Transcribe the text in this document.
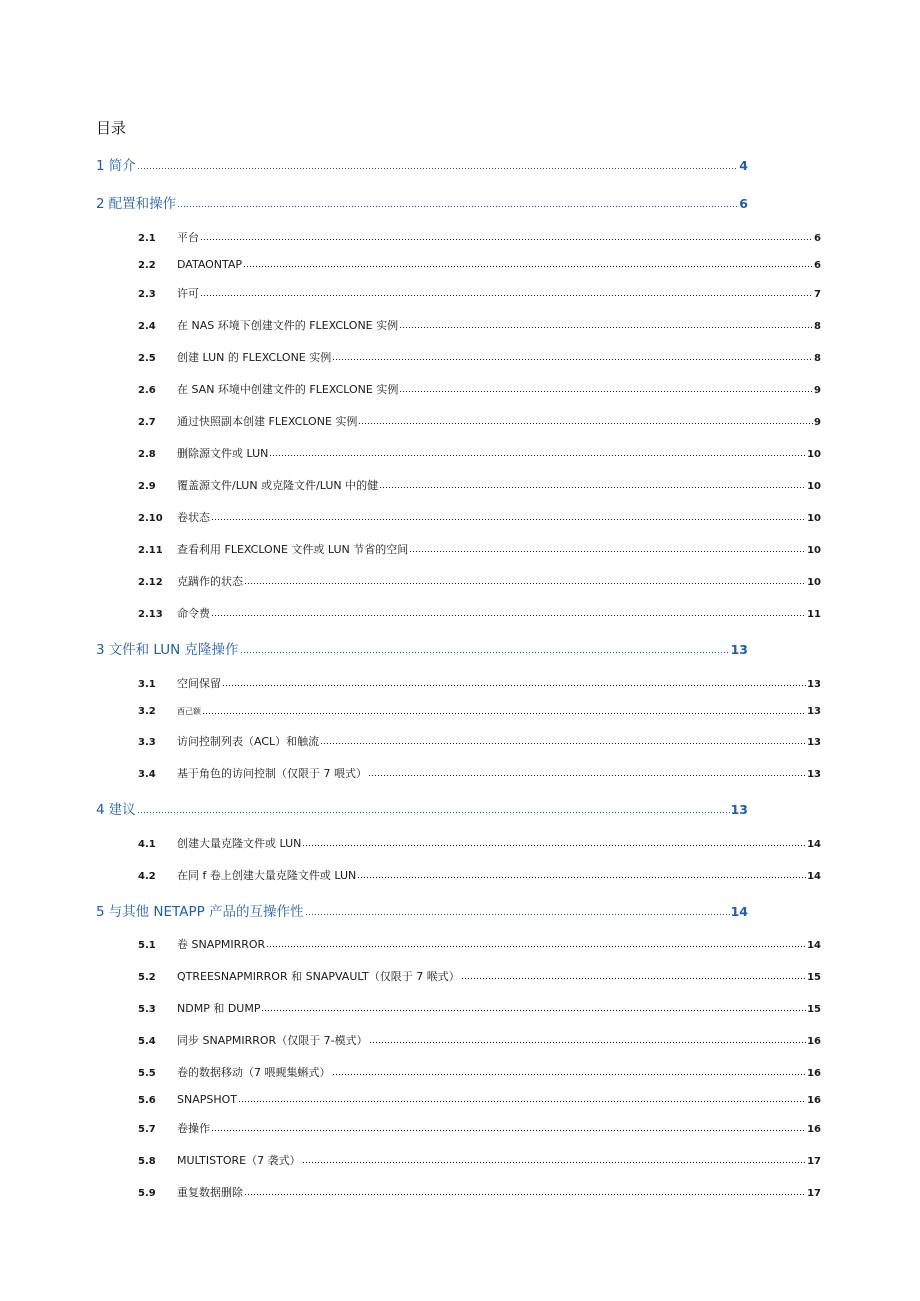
目录
1 简介	4
2 配置和操作	6
2.1	平台	6
2.2	DATAONTAP	6
2.3	许可	7
2.4	在 NAS 环境下创建文件的 FLEXCLONE 实例	8
2.5	创建 LUN 的 FLEXCLONE 实例	8
2.6	在 SAN 环境中创建文件的 FLEXCLONE 实例	9
2.7	通过快照副本创建 FLEXCLONE 实例	9
2.8	删除源文件或 LUN	10
2.9	覆盖源文件/LUN 或克隆文件/LUN 中的健	10
2.10	卷状态	10
2.11	查看利用 FLEXCLONE 文件或 LUN 节省的空间	10
2.12	克蹒作的状态	10
2.13	命令费	11
3 文件和 LUN 克隆操作	13
3.1	空间保留	13
3.2	酉己额	13
3.3	访问控制列表（ACL）和触流	13
3.4	基于角色的访问控制（仅限于 7 喂式）	13
4 建议	13
4.1	创建大量克隆文件或 LUN	14
4.2	在同 f 卷上创建大量克隆文件或 LUN	14
5 与其他 NETAPP 产品的互操作性	14
5.1	卷 SNAPMIRROR	14
5.2	QTREESNAPMIRROR 和 SNAPVAULT（仅限于 7 喉式）	15
5.3	NDMP 和 DUMP	15
5.4	同步 SNAPMIRROR（仅限于 7-模式）	16
5.5	卷的数据移动（7 喂觋集蝌式）	16
5.6	SNAPSHOT	16
5.7	卷操作	16
5.8	MULTISTORE（7 袭式）	17
5.9	重复数据删除	17
